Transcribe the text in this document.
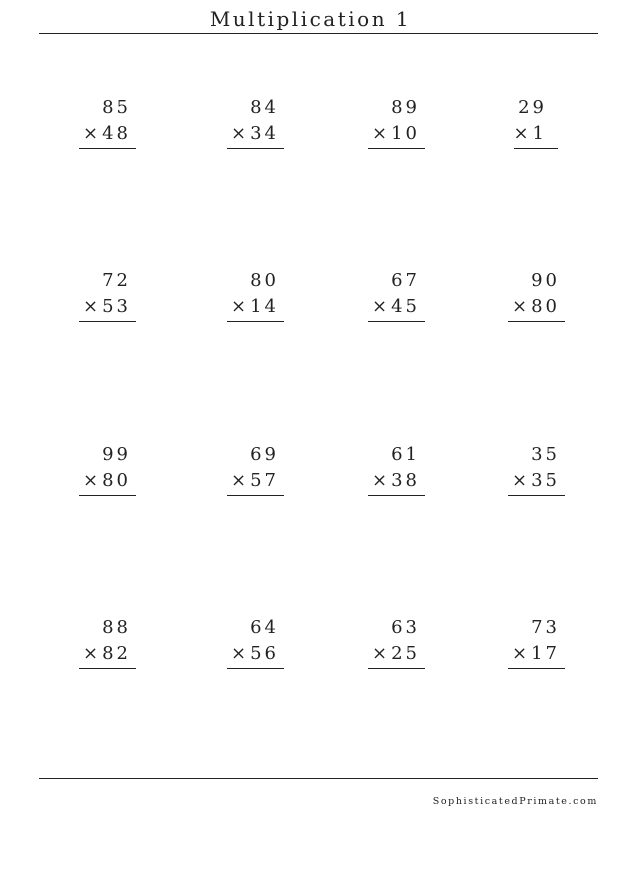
Multiplication 1
85
×48
84
×34
89
×10
29
×1
72
×53
80
×14
67
×45
90
×80
99
×80
69
×57
61
×38
35
×35
88
×82
64
×56
63
×25
73
×17
SophisticatedPrimate.com
